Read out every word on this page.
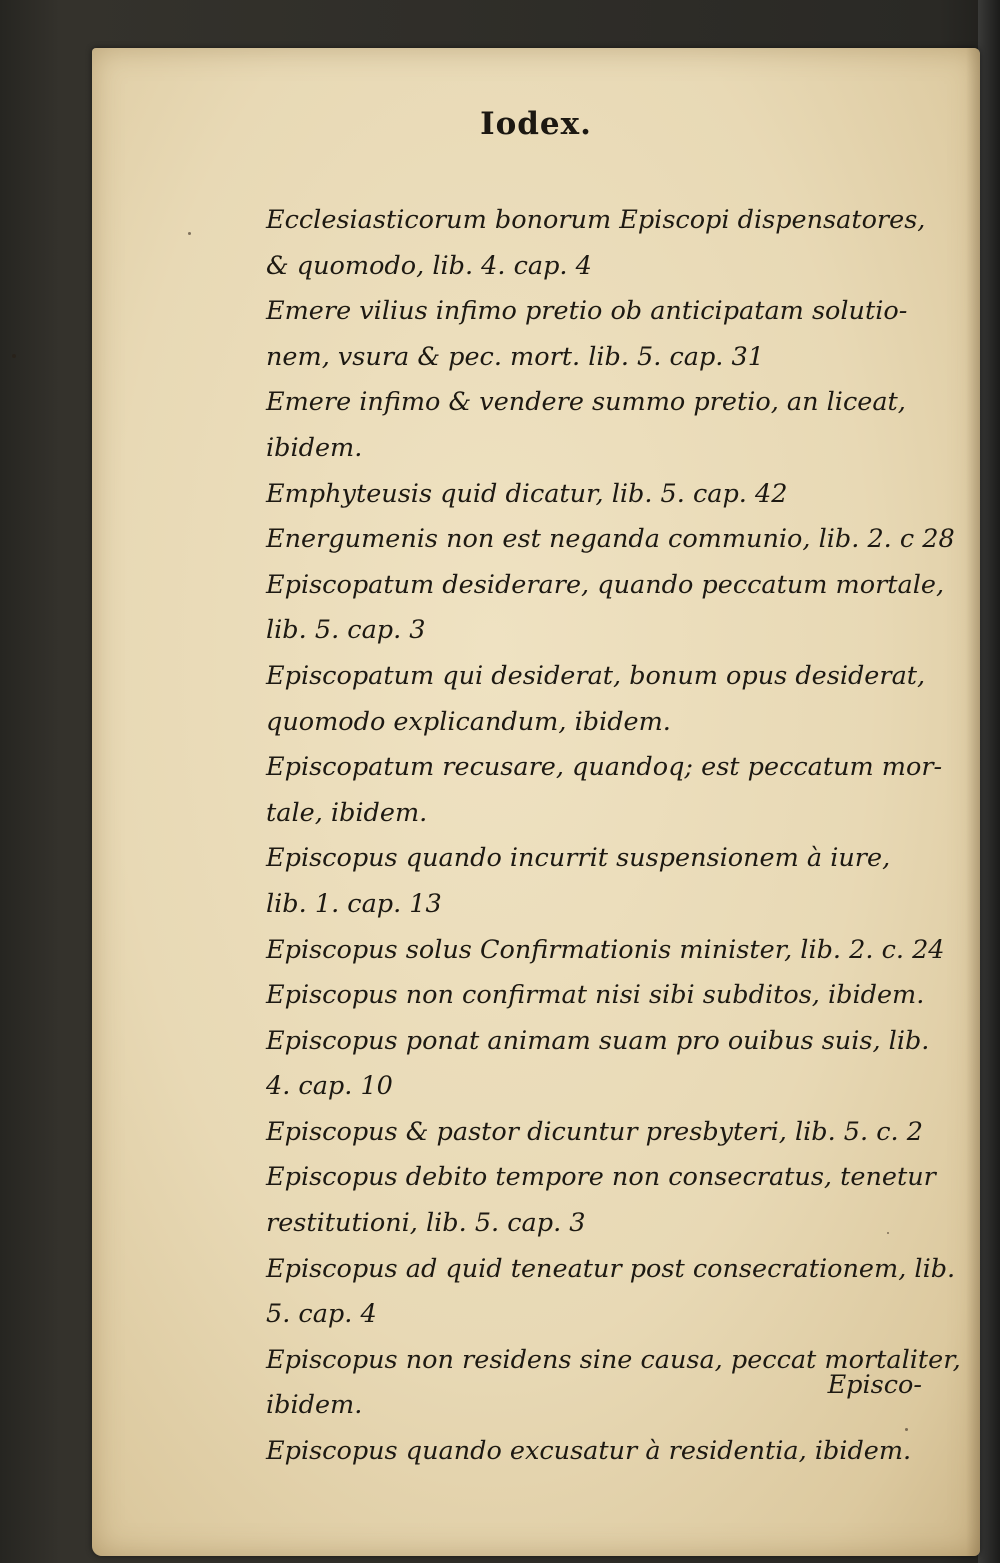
Iodex.
Ecclesiasticorum bonorum Episcopi dispensatores,
& quomodo, lib. 4. cap. 4
Emere vilius infimo pretio ob anticipatam solutio-
nem, vsura & pec. mort. lib. 5. cap. 31
Emere infimo & vendere summo pretio, an liceat,
ibidem.
Emphyteusis quid dicatur, lib. 5. cap. 42
Energumenis non est neganda communio, lib. 2. c 28
Episcopatum desiderare, quando peccatum mortale,
lib. 5. cap. 3
Episcopatum qui desiderat, bonum opus desiderat,
quomodo explicandum, ibidem.
Episcopatum recusare, quandoq; est peccatum mor-
tale, ibidem.
Episcopus quando incurrit suspensionem à iure,
lib. 1. cap. 13
Episcopus solus Confirmationis minister, lib. 2. c. 24
Episcopus non confirmat nisi sibi subditos, ibidem.
Episcopus ponat animam suam pro ouibus suis, lib.
4. cap. 10
Episcopus & pastor dicuntur presbyteri, lib. 5. c. 2
Episcopus debito tempore non consecratus, tenetur
restitutioni, lib. 5. cap. 3
Episcopus ad quid teneatur post consecrationem, lib.
5. cap. 4
Episcopus non residens sine causa, peccat mortaliter,
ibidem.
Episcopus quando excusatur à residentia, ibidem.
Episco-
